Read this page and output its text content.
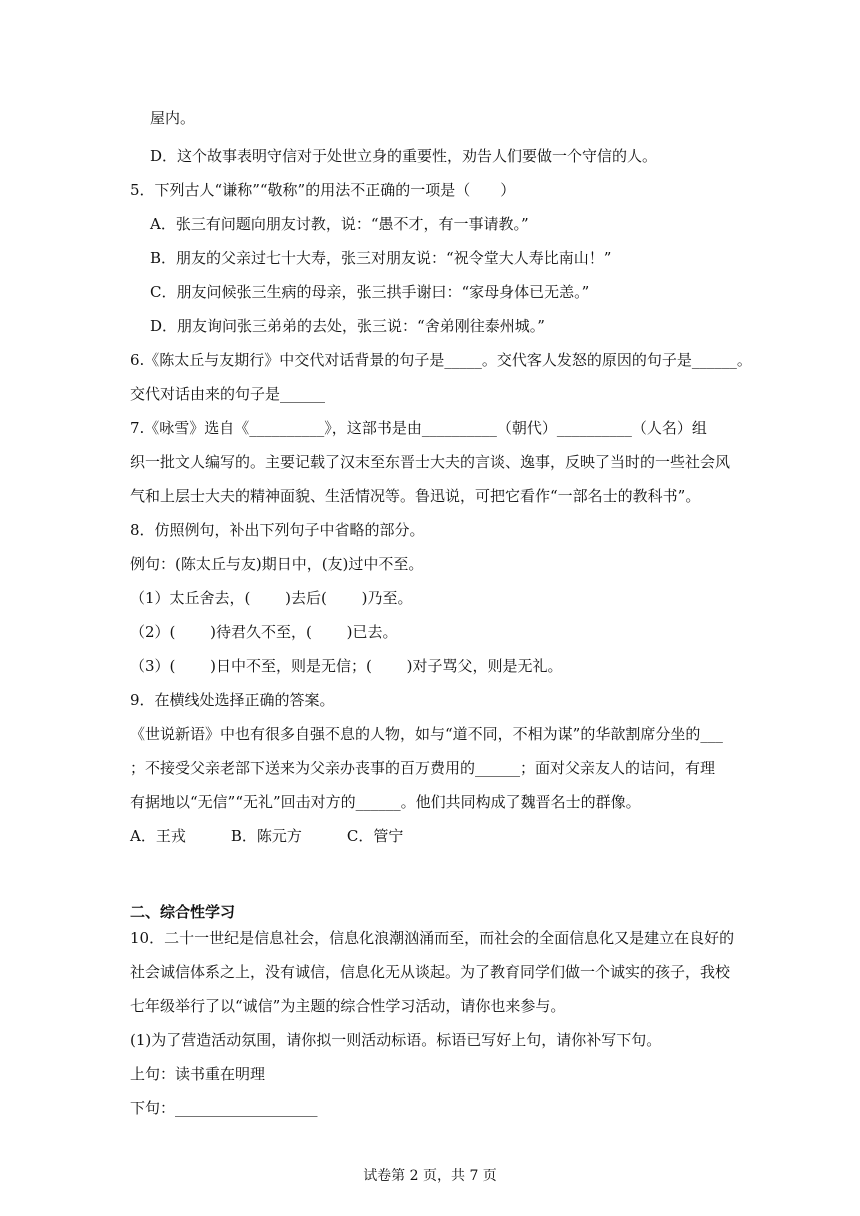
屋内。
D．这个故事表明守信对于处世立身的重要性，劝告人们要做一个守信的人。
5．下列古人“谦称”“敬称”的用法不正确的一项是（　　）
A．张三有问题向朋友讨教，说：“愚不才，有一事请教。”
B．朋友的父亲过七十大寿，张三对朋友说：“祝令堂大人寿比南山！”
C．朋友问候张三生病的母亲，张三拱手谢曰：“家母身体已无恙。”
D．朋友询问张三弟弟的去处，张三说：“舍弟刚往泰州城。”
6.《陈太丘与友期行》中交代对话背景的句子是_____。交代客人发怒的原因的句子是______。
交代对话由来的句子是______
7.《咏雪》选自《__________》，这部书是由__________（朝代）__________（人名）组
织一批文人编写的。主要记载了汉末至东晋士大夫的言谈、逸事，反映了当时的一些社会风
气和上层士大夫的精神面貌、生活情况等。鲁迅说，可把它看作“一部名士的教科书”。
8．仿照例句，补出下列句子中省略的部分。
例句：(陈太丘与友)期日中，(友)过中不至。
（1）太丘舍去，(　　 )去后(　　 )乃至。
（2）(　　 )待君久不至，(　　 )已去。
（3）(　　 )日中不至，则是无信；(　　 )对子骂父，则是无礼。
9．在横线处选择正确的答案。
《世说新语》中也有很多自强不息的人物，如与“道不同，不相为谋”的华歆割席分坐的___
；不接受父亲老部下送来为父亲办丧事的百万费用的______；面对父亲友人的诘问，有理
有据地以“无信”“无礼”回击对方的______。他们共同构成了魏晋名士的群像。
A．王戎　　　B．陈元方　　　C．管宁
二、综合性学习
10．二十一世纪是信息社会，信息化浪潮汹涌而至，而社会的全面信息化又是建立在良好的
社会诚信体系之上，没有诚信，信息化无从谈起。为了教育同学们做一个诚实的孩子，我校
七年级举行了以“诚信”为主题的综合性学习活动，请你也来参与。
(1)为了营造活动氛围，请你拟一则活动标语。标语已写好上句，请你补写下句。
上句：读书重在明理
下句：___________________
试卷第 2 页，共 7 页
